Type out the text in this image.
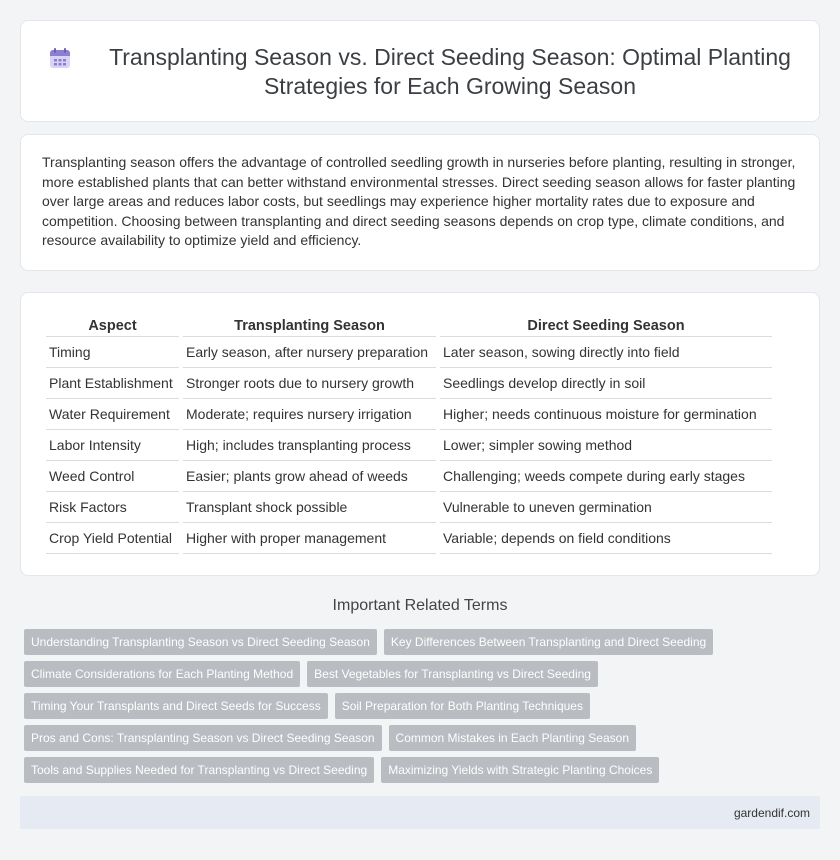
Transplanting Season vs. Direct Seeding Season: Optimal Planting Strategies for Each Growing Season

Transplanting season offers the advantage of controlled seedling growth in nurseries before planting, resulting in stronger, more established plants that can better withstand environmental stresses. Direct seeding season allows for faster planting over large areas and reduces labor costs, but seedlings may experience higher mortality rates due to exposure and competition. Choosing between transplanting and direct seeding seasons depends on crop type, climate conditions, and resource availability to optimize yield and efficiency.

Aspect	Transplanting Season	Direct Seeding Season
Timing	Early season, after nursery preparation	Later season, sowing directly into field
Plant Establishment	Stronger roots due to nursery growth	Seedlings develop directly in soil
Water Requirement	Moderate; requires nursery irrigation	Higher; needs continuous moisture for germination
Labor Intensity	High; includes transplanting process	Lower; simpler sowing method
Weed Control	Easier; plants grow ahead of weeds	Challenging; weeds compete during early stages
Risk Factors	Transplant shock possible	Vulnerable to uneven germination
Crop Yield Potential	Higher with proper management	Variable; depends on field conditions
Important Related Terms
Understanding Transplanting Season vs Direct Seeding Season	Key Differences Between Transplanting and Direct Seeding
Climate Considerations for Each Planting Method	Best Vegetables for Transplanting vs Direct Seeding
Timing Your Transplants and Direct Seeds for Success	Soil Preparation for Both Planting Techniques
Pros and Cons: Transplanting Season vs Direct Seeding Season	Common Mistakes in Each Planting Season
Tools and Supplies Needed for Transplanting vs Direct Seeding	Maximizing Yields with Strategic Planting Choices
gardendif.com
